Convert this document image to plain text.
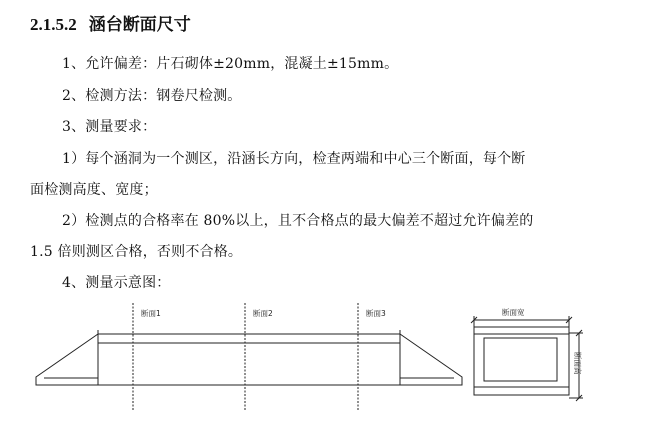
2.1.5.2 涵台断面尺寸
1、允许偏差：片石砌体±20mm，混凝土±15mm。
2、检测方法：钢卷尺检测。
3、测量要求：
1）每个涵洞为一个测区，沿涵长方向，检查两端和中心三个断面，每个断
面检测高度、宽度；
2）检测点的合格率在 80%以上，且不合格点的最大偏差不超过允许偏差的
1.5 倍则测区合格，否则不合格。
4、测量示意图：
断面1	断面2	断面3	断面宽
断面高
